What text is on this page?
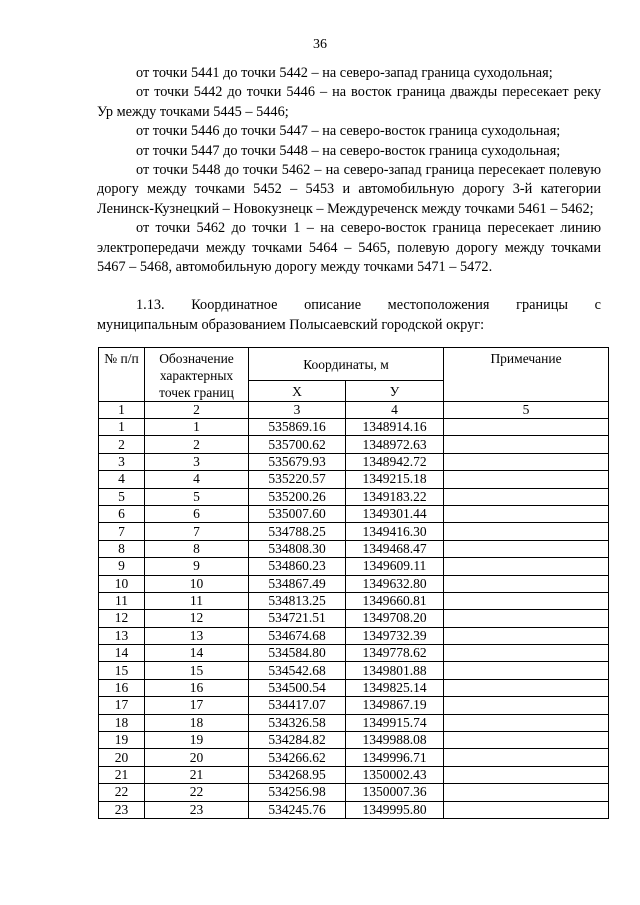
36

от точки 5441 до точки 5442 – на северо-запад граница суходольная;

от точки 5442 до точки 5446 – на восток граница дважды пересекает реку Ур между точками 5445 – 5446;

от точки 5446 до точки 5447 – на северо-восток граница суходольная;

от точки 5447 до точки 5448 – на северо-восток граница суходольная;

от точки 5448 до точки 5462 – на северо-запад граница пересекает полевую дорогу между точками 5452 – 5453 и автомобильную дорогу 3-й категории Ленинск-Кузнецкий – Новокузнецк – Междуреченск между точками 5461 – 5462;

от точки 5462 до точки 1 – на северо-восток граница пересекает линию электропередачи между точками 5464 – 5465, полевую дорогу между точками 5467 – 5468, автомобильную дорогу между точками 5471 – 5472.

1.13. Координатное описание местоположения границы с

муниципальным образованием Полысаевский городской округ:

№ п/п	Обозначение характерных точек границ	Координаты, м		Примечание
		X	У	
1	2	3	4	5
1	1	535869.16	1348914.16	
2	2	535700.62	1348972.63	
3	3	535679.93	1348942.72	
4	4	535220.57	1349215.18	
5	5	535200.26	1349183.22	
6	6	535007.60	1349301.44	
7	7	534788.25	1349416.30	
8	8	534808.30	1349468.47	
9	9	534860.23	1349609.11	
10	10	534867.49	1349632.80	
11	11	534813.25	1349660.81	
12	12	534721.51	1349708.20	
13	13	534674.68	1349732.39	
14	14	534584.80	1349778.62	
15	15	534542.68	1349801.88	
16	16	534500.54	1349825.14	
17	17	534417.07	1349867.19	
18	18	534326.58	1349915.74	
19	19	534284.82	1349988.08	
20	20	534266.62	1349996.71	
21	21	534268.95	1350002.43	
22	22	534256.98	1350007.36	
23	23	534245.76	1349995.80	
